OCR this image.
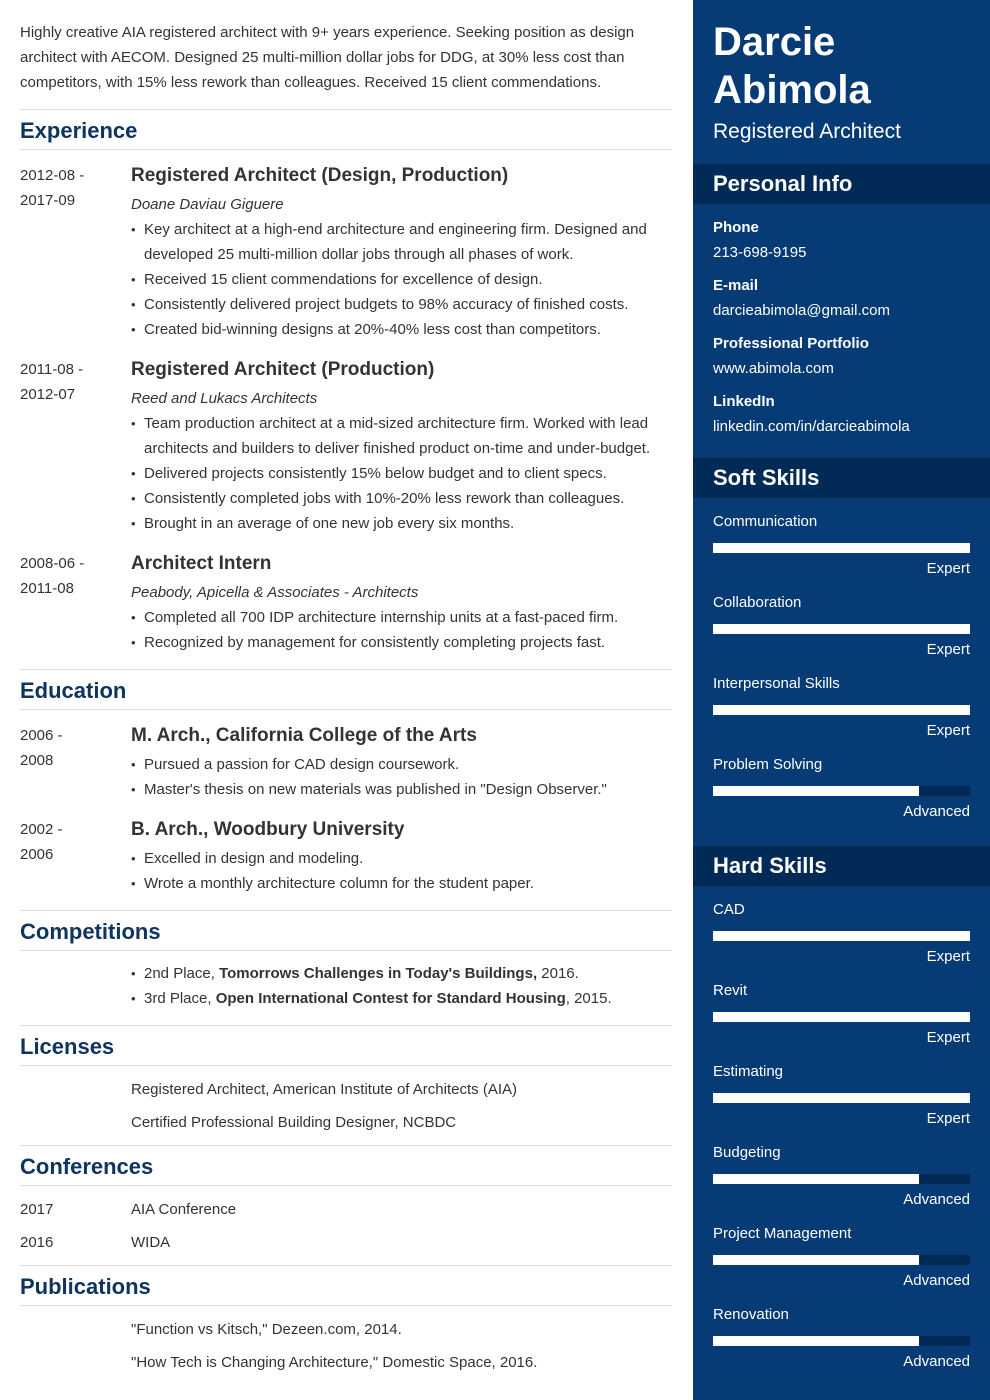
Highly creative AIA registered architect with 9+ years experience. Seeking position as design architect with AECOM. Designed 25 multi-million dollar jobs for DDG, at 30% less cost than competitors, with 15% less rework than colleagues. Received 15 client commendations.

Experience
2012-08 -
2017-09
Registered Architect (Design, Production)
Doane Daviau Giguere
• Key architect at a high-end architecture and engineering firm. Designed and developed 25 multi-million dollar jobs through all phases of work.
• Received 15 client commendations for excellence of design.
• Consistently delivered project budgets to 98% accuracy of finished costs.
• Created bid-winning designs at 20%-40% less cost than competitors.
2011-08 -
2012-07
Registered Architect (Production)
Reed and Lukacs Architects
• Team production architect at a mid-sized architecture firm. Worked with lead architects and builders to deliver finished product on-time and under-budget.
• Delivered projects consistently 15% below budget and to client specs.
• Consistently completed jobs with 10%-20% less rework than colleagues.
• Brought in an average of one new job every six months.
2008-06 -
2011-08
Architect Intern
Peabody, Apicella & Associates - Architects
• Completed all 700 IDP architecture internship units at a fast-paced firm.
• Recognized by management for consistently completing projects fast.
Education
2006 -
2008
M. Arch., California College of the Arts
• Pursued a passion for CAD design coursework.
• Master's thesis on new materials was published in "Design Observer."
2002 -
2006
B. Arch., Woodbury University
• Excelled in design and modeling.
• Wrote a monthly architecture column for the student paper.
Competitions
• 2nd Place, Tomorrows Challenges in Today's Buildings, 2016.
• 3rd Place, Open International Contest for Standard Housing, 2015.
Licenses
Registered Architect, American Institute of Architects (AIA)
Certified Professional Building Designer, NCBDC
Conferences
2017	AIA Conference
2016	WIDA
Publications
"Function vs Kitsch," Dezeen.com, 2014.
"How Tech is Changing Architecture," Domestic Space, 2016.
Darcie
Abimola
Registered Architect
Personal Info
Phone
213-698-9195
E-mail
darcieabimola@gmail.com
Professional Portfolio
www.abimola.com
LinkedIn
linkedin.com/in/darcieabimola
Soft Skills
Communication
Expert
Collaboration
Expert
Interpersonal Skills
Expert
Problem Solving
Advanced
Hard Skills
CAD
Expert
Revit
Expert
Estimating
Expert
Budgeting
Advanced
Project Management
Advanced
Renovation
Advanced
